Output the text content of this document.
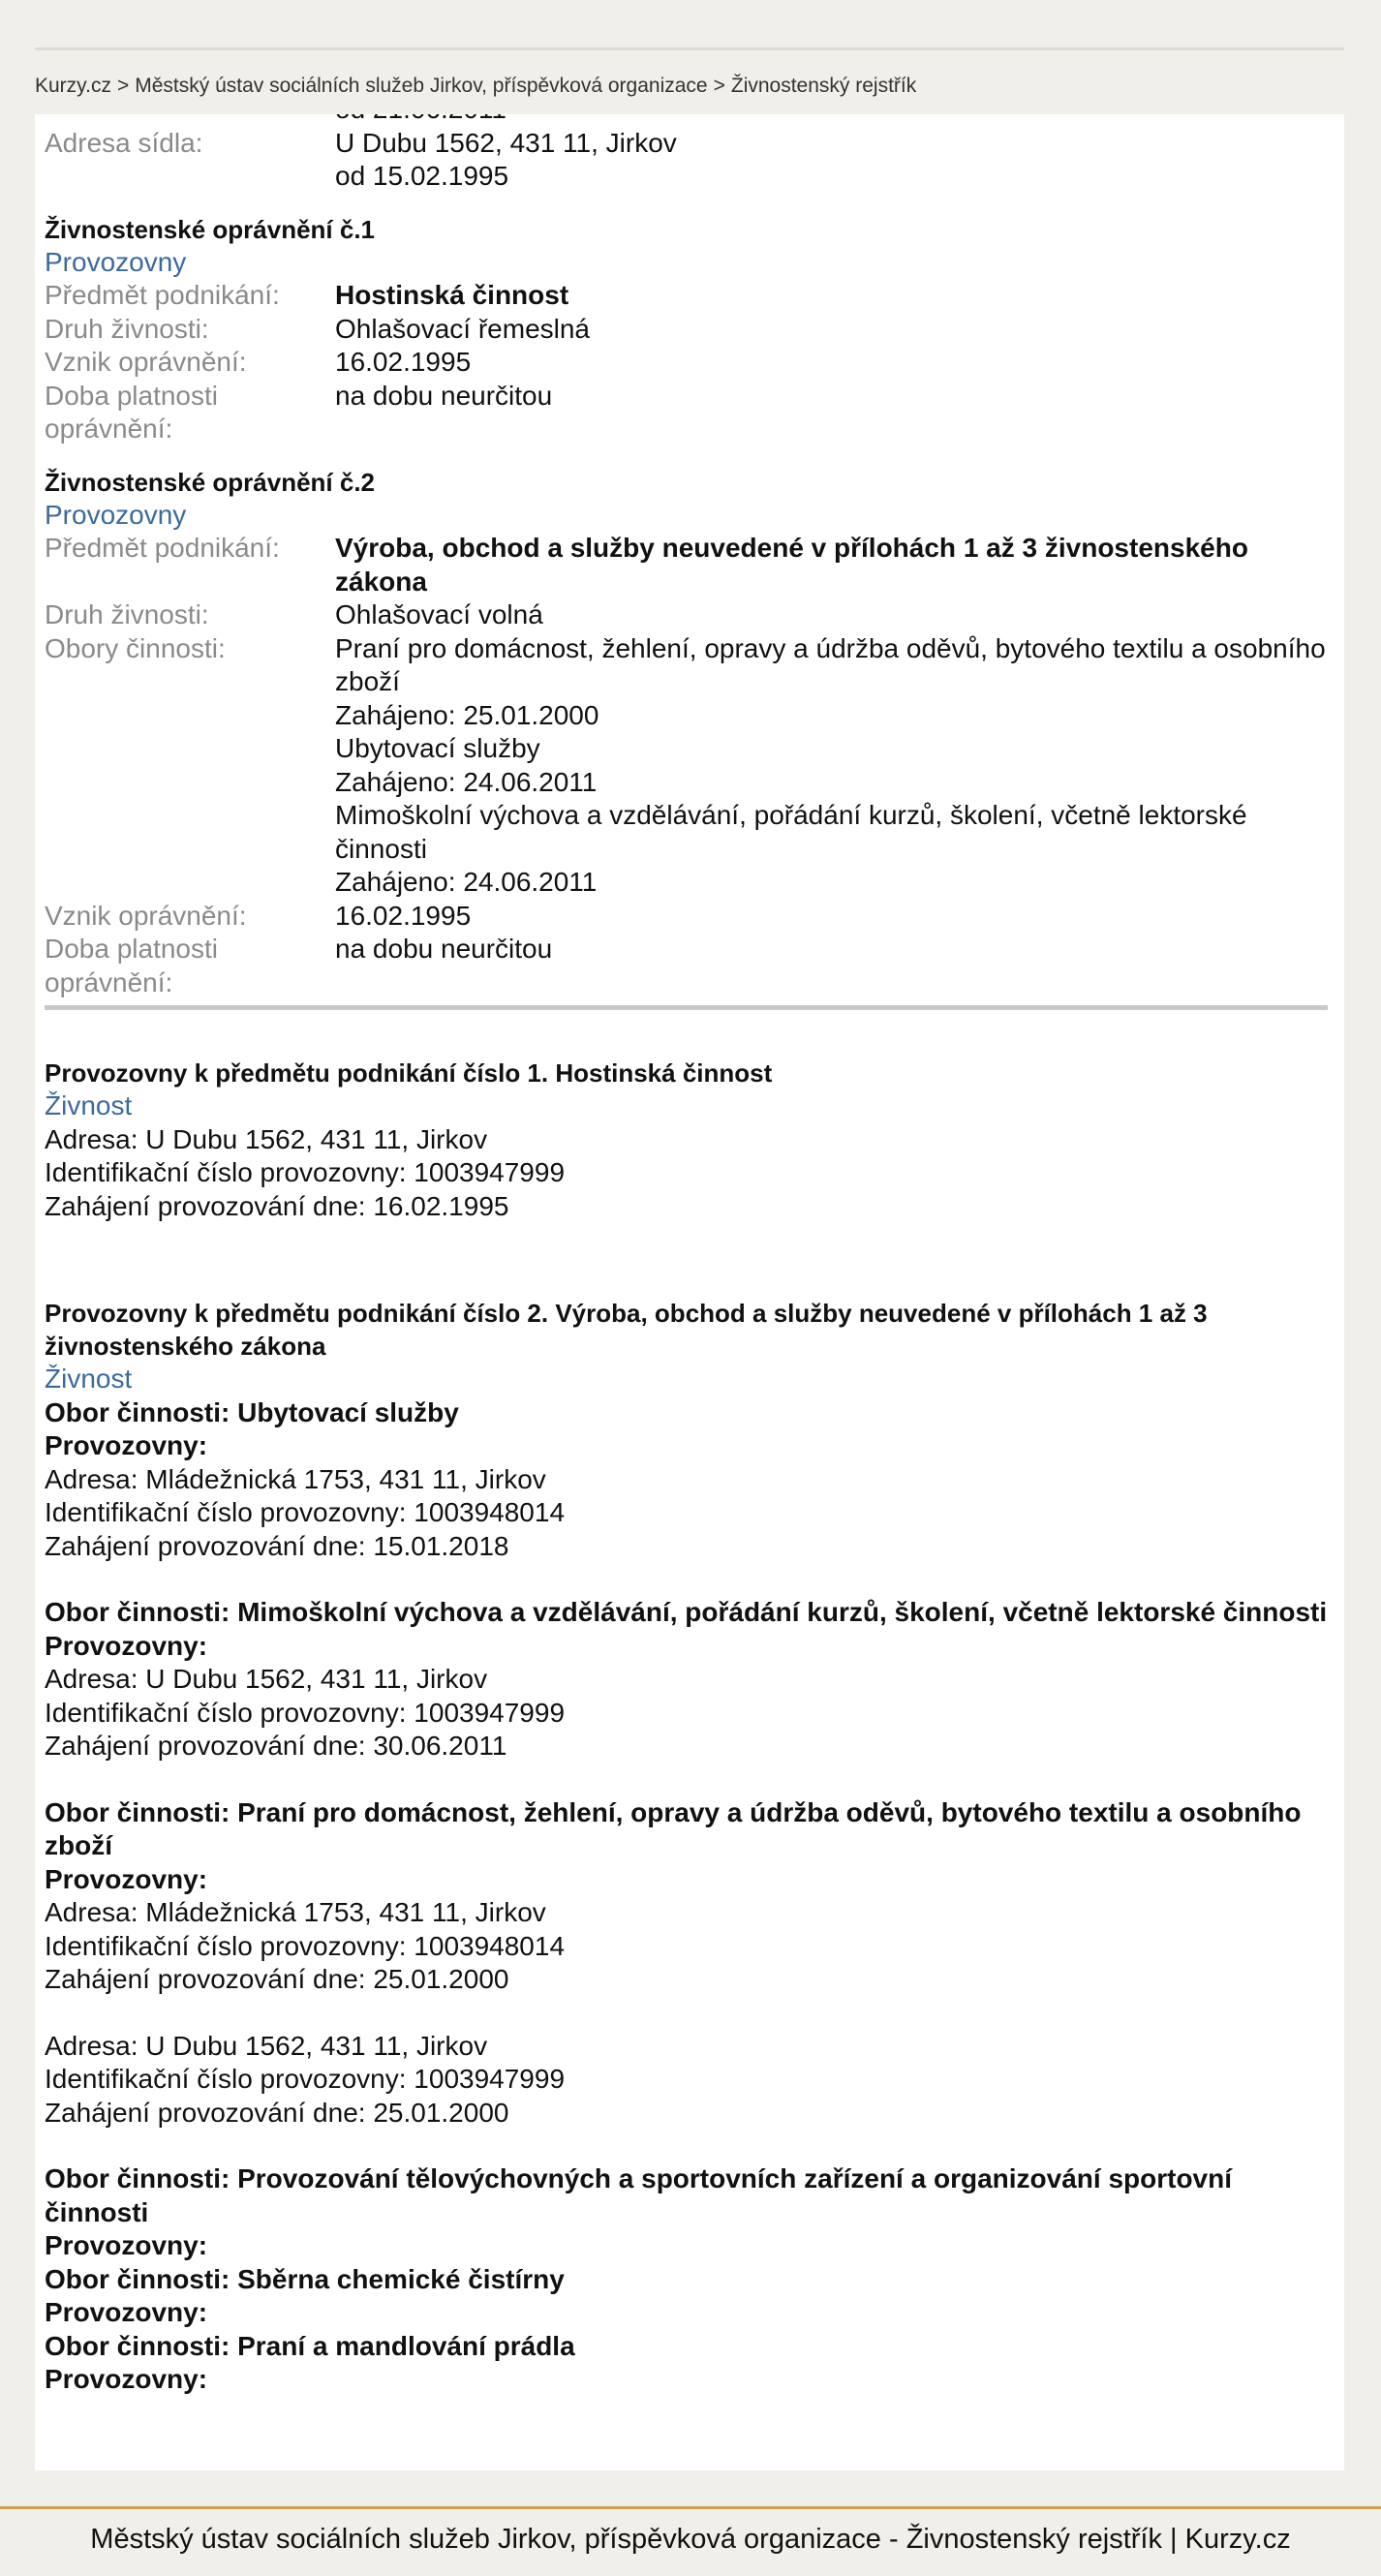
Kurzy.cz > Městský ústav sociálních služeb Jirkov, příspěvková organizace > Živnostenský rejstřík
Adresa sídla:	U Dubu 1562, 431 11, Jirkov
od 15.02.1995
Živnostenské oprávnění č.1
Provozovny
Předmět podnikání:	Hostinská činnost
Druh živnosti:	Ohlašovací řemeslná
Vznik oprávnění:	16.02.1995
Doba platnosti oprávnění:
na dobu neurčitou
Živnostenské oprávnění č.2
Provozovny
Předmět podnikání:	Výroba, obchod a služby neuvedené v přílohách 1 až 3 živnostenského zákona
Druh živnosti:	Ohlašovací volná
Obory činnosti:	Praní pro domácnost, žehlení, opravy a údržba oděvů, bytového textilu a osobního zboží
Zahájeno: 25.01.2000
Ubytovací služby
Zahájeno: 24.06.2011
Mimoškolní výchova a vzdělávání, pořádání kurzů, školení, včetně lektorské činnosti
Zahájeno: 24.06.2011
Vznik oprávnění:	16.02.1995
Doba platnosti oprávnění:
na dobu neurčitou
Provozovny k předmětu podnikání číslo 1. Hostinská činnost
Živnost
Adresa: U Dubu 1562, 431 11, Jirkov
Identifikační číslo provozovny: 1003947999
Zahájení provozování dne: 16.02.1995
Provozovny k předmětu podnikání číslo 2. Výroba, obchod a služby neuvedené v přílohách 1 až 3 živnostenského zákona
Živnost
Obor činnosti: Ubytovací služby
Provozovny:
Adresa: Mládežnická 1753, 431 11, Jirkov
Identifikační číslo provozovny: 1003948014
Zahájení provozování dne: 15.01.2018
Obor činnosti: Mimoškolní výchova a vzdělávání, pořádání kurzů, školení, včetně lektorské činnosti
Provozovny:
Adresa: U Dubu 1562, 431 11, Jirkov
Identifikační číslo provozovny: 1003947999
Zahájení provozování dne: 30.06.2011
Obor činnosti: Praní pro domácnost, žehlení, opravy a údržba oděvů, bytového textilu a osobního zboží
Provozovny:
Adresa: Mládežnická 1753, 431 11, Jirkov
Identifikační číslo provozovny: 1003948014
Zahájení provozování dne: 25.01.2000
Adresa: U Dubu 1562, 431 11, Jirkov
Identifikační číslo provozovny: 1003947999
Zahájení provozování dne: 25.01.2000
Obor činnosti: Provozování tělovýchovných a sportovních zařízení a organizování sportovní činnosti
Provozovny:
Obor činnosti: Sběrna chemické čistírny
Provozovny:
Obor činnosti: Praní a mandlování prádla
Provozovny:
Městský ústav sociálních služeb Jirkov, příspěvková organizace - Živnostenský rejstřík | Kurzy.cz
